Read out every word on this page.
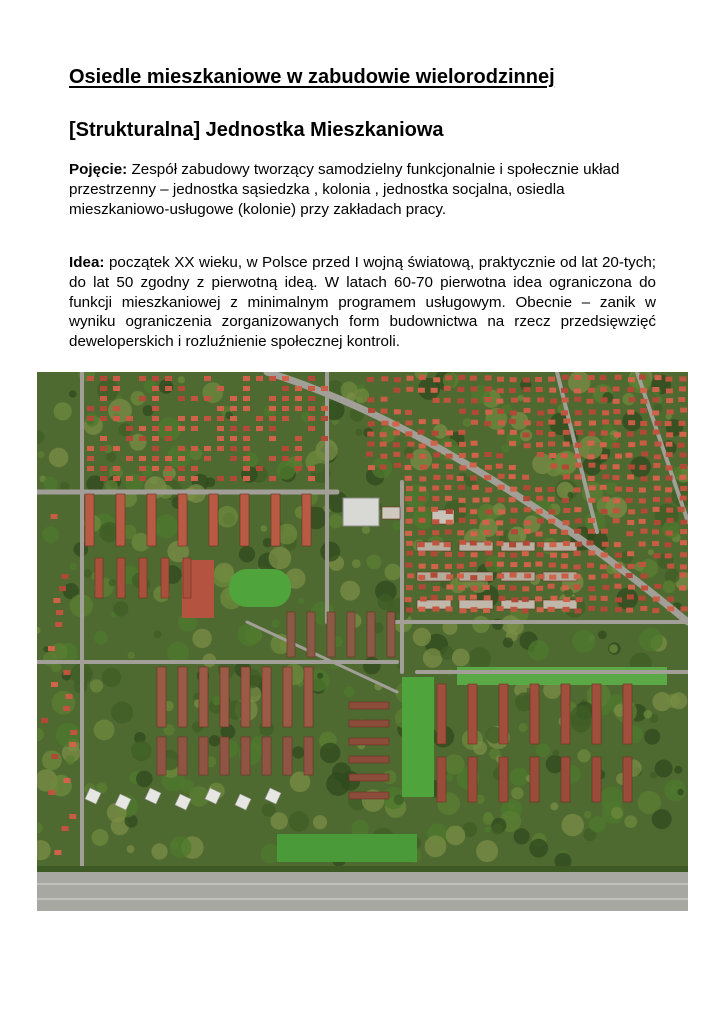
Osiedle mieszkaniowe w zabudowie wielorodzinnej
[Strukturalna] Jednostka Mieszkaniowa

Pojęcie: Zespół zabudowy tworzący samodzielny funkcjonalnie i społecznie układ przestrzenny – jednostka sąsiedzka , kolonia , jednostka socjalna, osiedla mieszkaniowo-usługowe (kolonie) przy zakładach pracy.

Idea: początek XX wieku, w Polsce przed I wojną światową, praktycznie od lat 20-tych; do lat 50 zgodny z pierwotną ideą. W latach 60-70 pierwotna idea ograniczona do funkcji mieszkaniowej z minimalnym programem usługowym. Obecnie – zanik w wyniku ograniczenia zorganizowanych form budownictwa na rzecz przedsięwzięć deweloperskich i rozluźnienie społecznej kontroli.
